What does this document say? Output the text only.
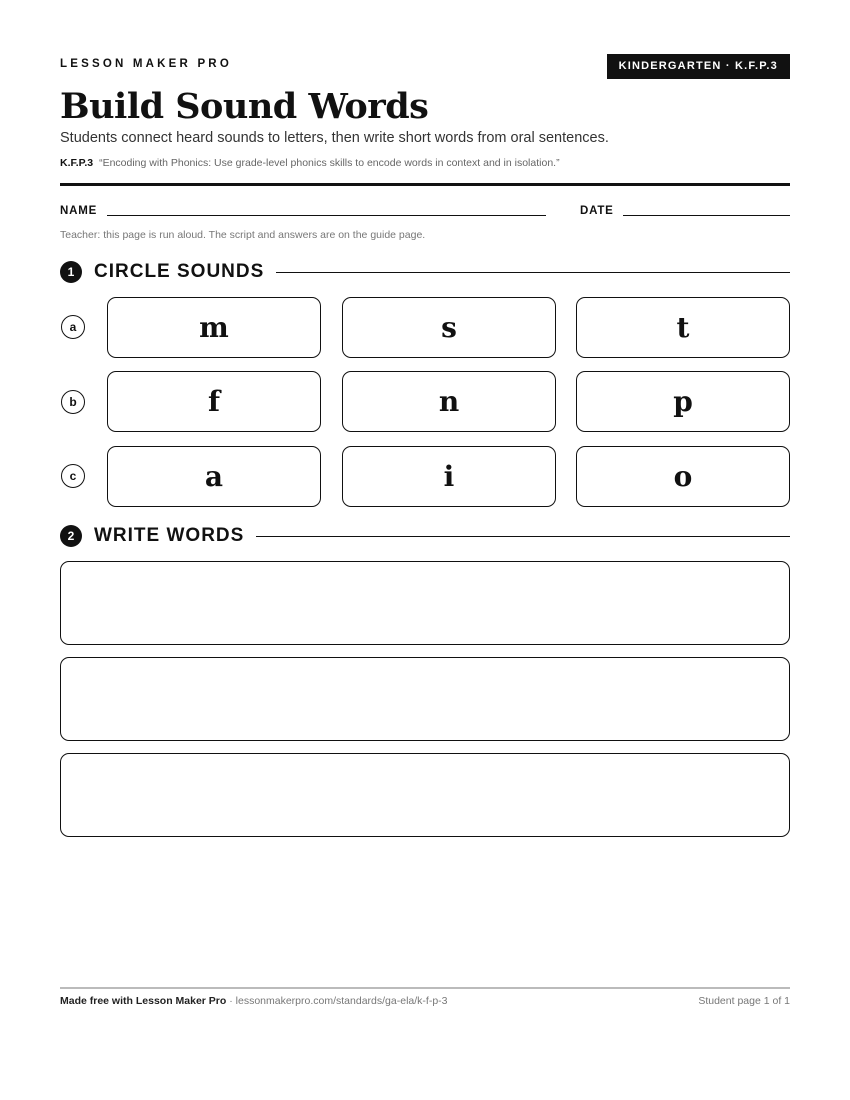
LESSON MAKER PRO	KINDERGARTEN · K.F.P.3
Build Sound Words
Students connect heard sounds to letters, then write short words from oral sentences.
K.F.P.3 “Encoding with Phonics: Use grade-level phonics skills to encode words in context and in isolation.”
NAME	DATE
Teacher: this page is run aloud. The script and answers are on the guide page.
1	CIRCLE SOUNDS
a	m	s	t
b	f	n	p
c	a	i	o
2	WRITE WORDS
Made free with Lesson Maker Pro · lessonmakerpro.com/standards/ga-ela/k-f-p-3	Student page 1 of 1
